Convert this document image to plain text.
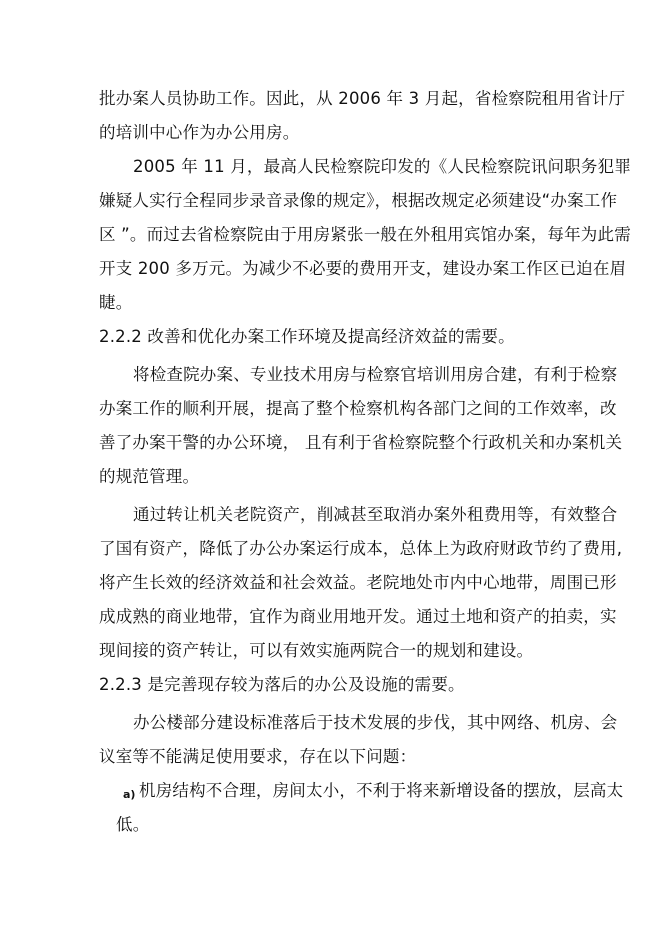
批办案人员协助工作。因此，从 2006 年 3 月起，省检察院租用省计厅
的培训中心作为办公用房。
2005 年 11 月，最高人民检察院印发的《人民检察院讯问职务犯罪
嫌疑人实行全程同步录音录像的规定》，根据改规定必须建设“办案工作
区 ”。而过去省检察院由于用房紧张一般在外租用宾馆办案，每年为此需
开支 200 多万元。为减少不必要的费用开支，建设办案工作区已迫在眉
睫。
2.2.2 改善和优化办案工作环境及提高经济效益的需要。
将检查院办案、专业技术用房与检察官培训用房合建，有利于检察
办案工作的顺利开展，提高了整个检察机构各部门之间的工作效率，改
善了办案干警的办公环境， 且有利于省检察院整个行政机关和办案机关
的规范管理。
通过转让机关老院资产，削减甚至取消办案外租费用等，有效整合
了国有资产，降低了办公办案运行成本，总体上为政府财政节约了费用,
将产生长效的经济效益和社会效益。老院地处市内中心地带，周围已形
成成熟的商业地带，宜作为商业用地开发。通过土地和资产的拍卖，实
现间接的资产转让，可以有效实施两院合一的规划和建设。
2.2.3 是完善现存较为落后的办公及设施的需要。
办公楼部分建设标准落后于技术发展的步伐，其中网络、机房、会
议室等不能满足使用要求，存在以下问题：
a) 机房结构不合理，房间太小，不利于将来新增设备的摆放，层高太
低。
